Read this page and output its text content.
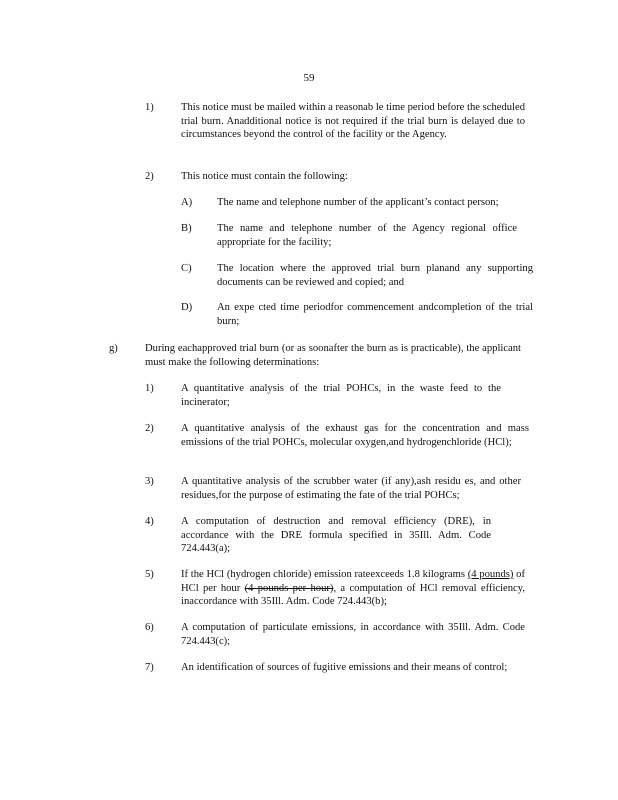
59
1)	This notice must be mailed within a reasonab le time period before the scheduled trial burn. Anadditional notice is not required if the trial burn is delayed due to circumstances beyond the control of the facility or the Agency.
2)	This notice must contain the following:
A) The name and telephone number of the applicant’s contact person;
B) The name and telephone number of the Agency regional office appropriate for the facility;
C) The location where the approved trial burn planand any supporting documents can be reviewed and copied; and
D) An expe cted time periodfor commencement andcompletion of the trial burn;
g)	During eachapproved trial burn (or as soonafter the burn as is practicable), the applicant must make the following determinations:
1)	A quantitative analysis of the trial POHCs, in the waste feed to the incinerator;
2)	A quantitative analysis of the exhaust gas for the concentration and mass emissions of the trial POHCs, molecular oxygen,and hydrogenchloride (HCl);
3)	A quantitative analysis of the scrubber water (if any),ash residu es, and other residues,for the purpose of estimating the fate of the trial POHCs;
4)	A computation of destruction and removal efficiency (DRE), in accordance with the DRE formula specified in 35Ill. Adm. Code 724.443(a);
5)	If the HCl (hydrogen chloride) emission rateexceeds 1.8 kilograms (4 pounds) of HCl per hour (4 pounds per hour), a computation of HCl removal efficiency, inaccordance with 35Ill. Adm. Code 724.443(b);
6)	A computation of particulate emissions, in accordance with 35Ill. Adm. Code 724.443(c);
7)	An identification of sources of fugitive emissions and their means of control;
